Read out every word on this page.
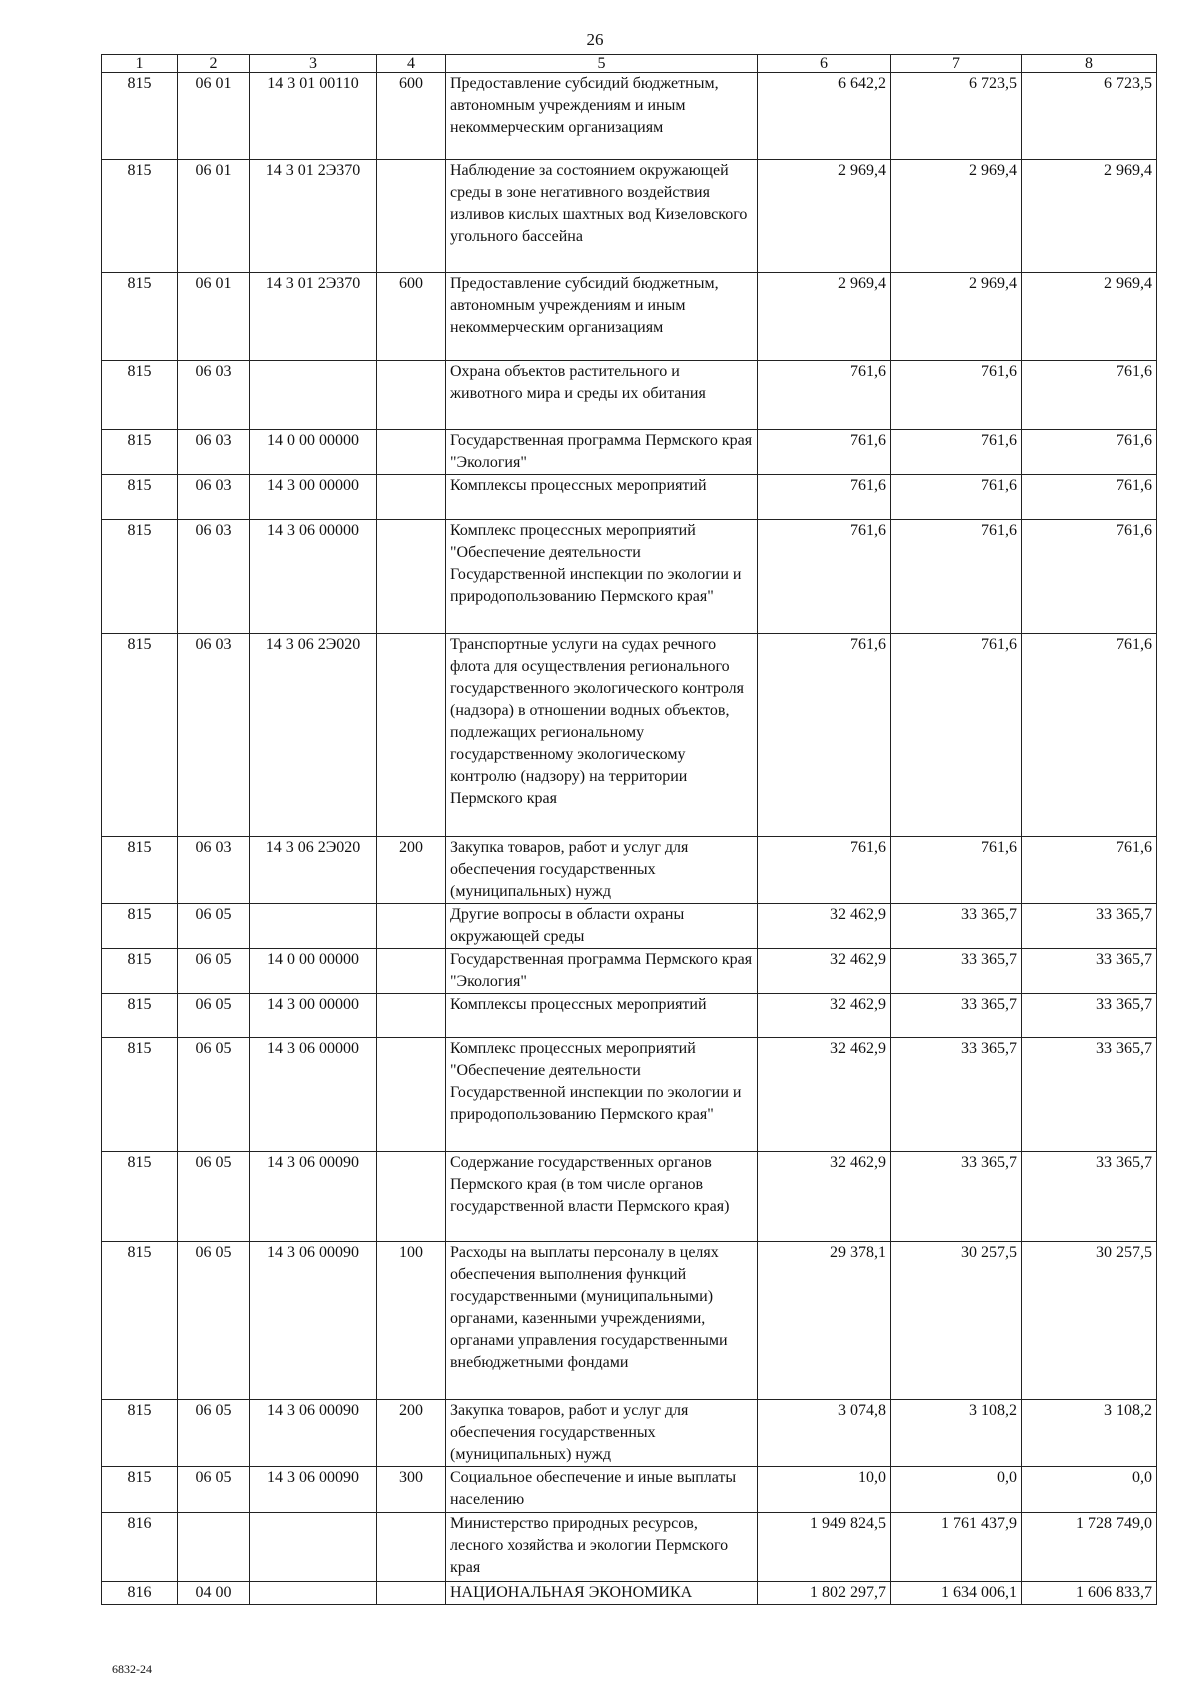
26
1	2	3	4	5	6	7	8
815	06 01	14 3 01 00110	600	Предоставление субсидий бюджетным, автономным учреждениям и иным некоммерческим организациям	6 642,2	6 723,5	6 723,5
815	06 01	14 3 01 2Э370		Наблюдение за состоянием окружающей среды в зоне негативного воздействия изливов кислых шахтных вод Кизеловского угольного бассейна	2 969,4	2 969,4	2 969,4
815	06 01	14 3 01 2Э370	600	Предоставление субсидий бюджетным, автономным учреждениям и иным некоммерческим организациям	2 969,4	2 969,4	2 969,4
815	06 03			Охрана объектов растительного и животного мира и среды их обитания	761,6	761,6	761,6
815	06 03	14 0 00 00000		Государственная программа Пермского края "Экология"	761,6	761,6	761,6
815	06 03	14 3 00 00000		Комплексы процессных мероприятий	761,6	761,6	761,6
815	06 03	14 3 06 00000		Комплекс процессных мероприятий "Обеспечение деятельности Государственной инспекции по экологии и природопользованию Пермского края"	761,6	761,6	761,6
815	06 03	14 3 06 2Э020		Транспортные услуги на судах речного флота для осуществления регионального государственного экологического контроля (надзора) в отношении водных объектов, подлежащих региональному государственному экологическому контролю (надзору) на территории Пермского края	761,6	761,6	761,6
815	06 03	14 3 06 2Э020	200	Закупка товаров, работ и услуг для обеспечения государственных (муниципальных) нужд	761,6	761,6	761,6
815	06 05			Другие вопросы в области охраны окружающей среды	32 462,9	33 365,7	33 365,7
815	06 05	14 0 00 00000		Государственная программа Пермского края "Экология"	32 462,9	33 365,7	33 365,7
815	06 05	14 3 00 00000		Комплексы процессных мероприятий	32 462,9	33 365,7	33 365,7
815	06 05	14 3 06 00000		Комплекс процессных мероприятий "Обеспечение деятельности Государственной инспекции по экологии и природопользованию Пермского края"	32 462,9	33 365,7	33 365,7
815	06 05	14 3 06 00090		Содержание государственных органов Пермского края (в том числе органов государственной власти Пермского края)	32 462,9	33 365,7	33 365,7
815	06 05	14 3 06 00090	100	Расходы на выплаты персоналу в целях обеспечения выполнения функций государственными (муниципальными) органами, казенными учреждениями, органами управления государственными внебюджетными фондами	29 378,1	30 257,5	30 257,5
815	06 05	14 3 06 00090	200	Закупка товаров, работ и услуг для обеспечения государственных (муниципальных) нужд	3 074,8	3 108,2	3 108,2
815	06 05	14 3 06 00090	300	Социальное обеспечение и иные выплаты населению	10,0	0,0	0,0
816				Министерство природных ресурсов, лесного хозяйства и экологии Пермского края	1 949 824,5	1 761 437,9	1 728 749,0
816	04 00			НАЦИОНАЛЬНАЯ ЭКОНОМИКА	1 802 297,7	1 634 006,1	1 606 833,7
6832-24
